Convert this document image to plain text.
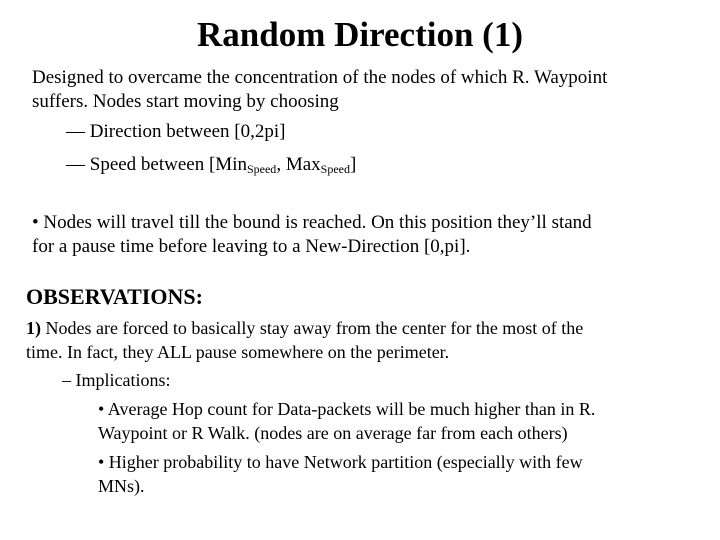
Random Direction (1)
Designed to overcame the concentration of the nodes of which R. Waypoint
suffers. Nodes start moving by choosing
— Direction between [0,2pi]
— Speed between [Min$_{Speed}$, Max$_{Speed}$]
• Nodes will travel till the bound is reached. On this position they’ll stand
for a pause time before leaving to a New-Direction [0,pi].
OBSERVATIONS:
1) Nodes are forced to basically stay away from the center for the most of the
time. In fact, they ALL pause somewhere on the perimeter.
– Implications:
• Average Hop count for Data-packets will be much higher than in R.
Waypoint or R Walk. (nodes are on average far from each others)
• Higher probability to have Network partition (especially with few
MNs).
